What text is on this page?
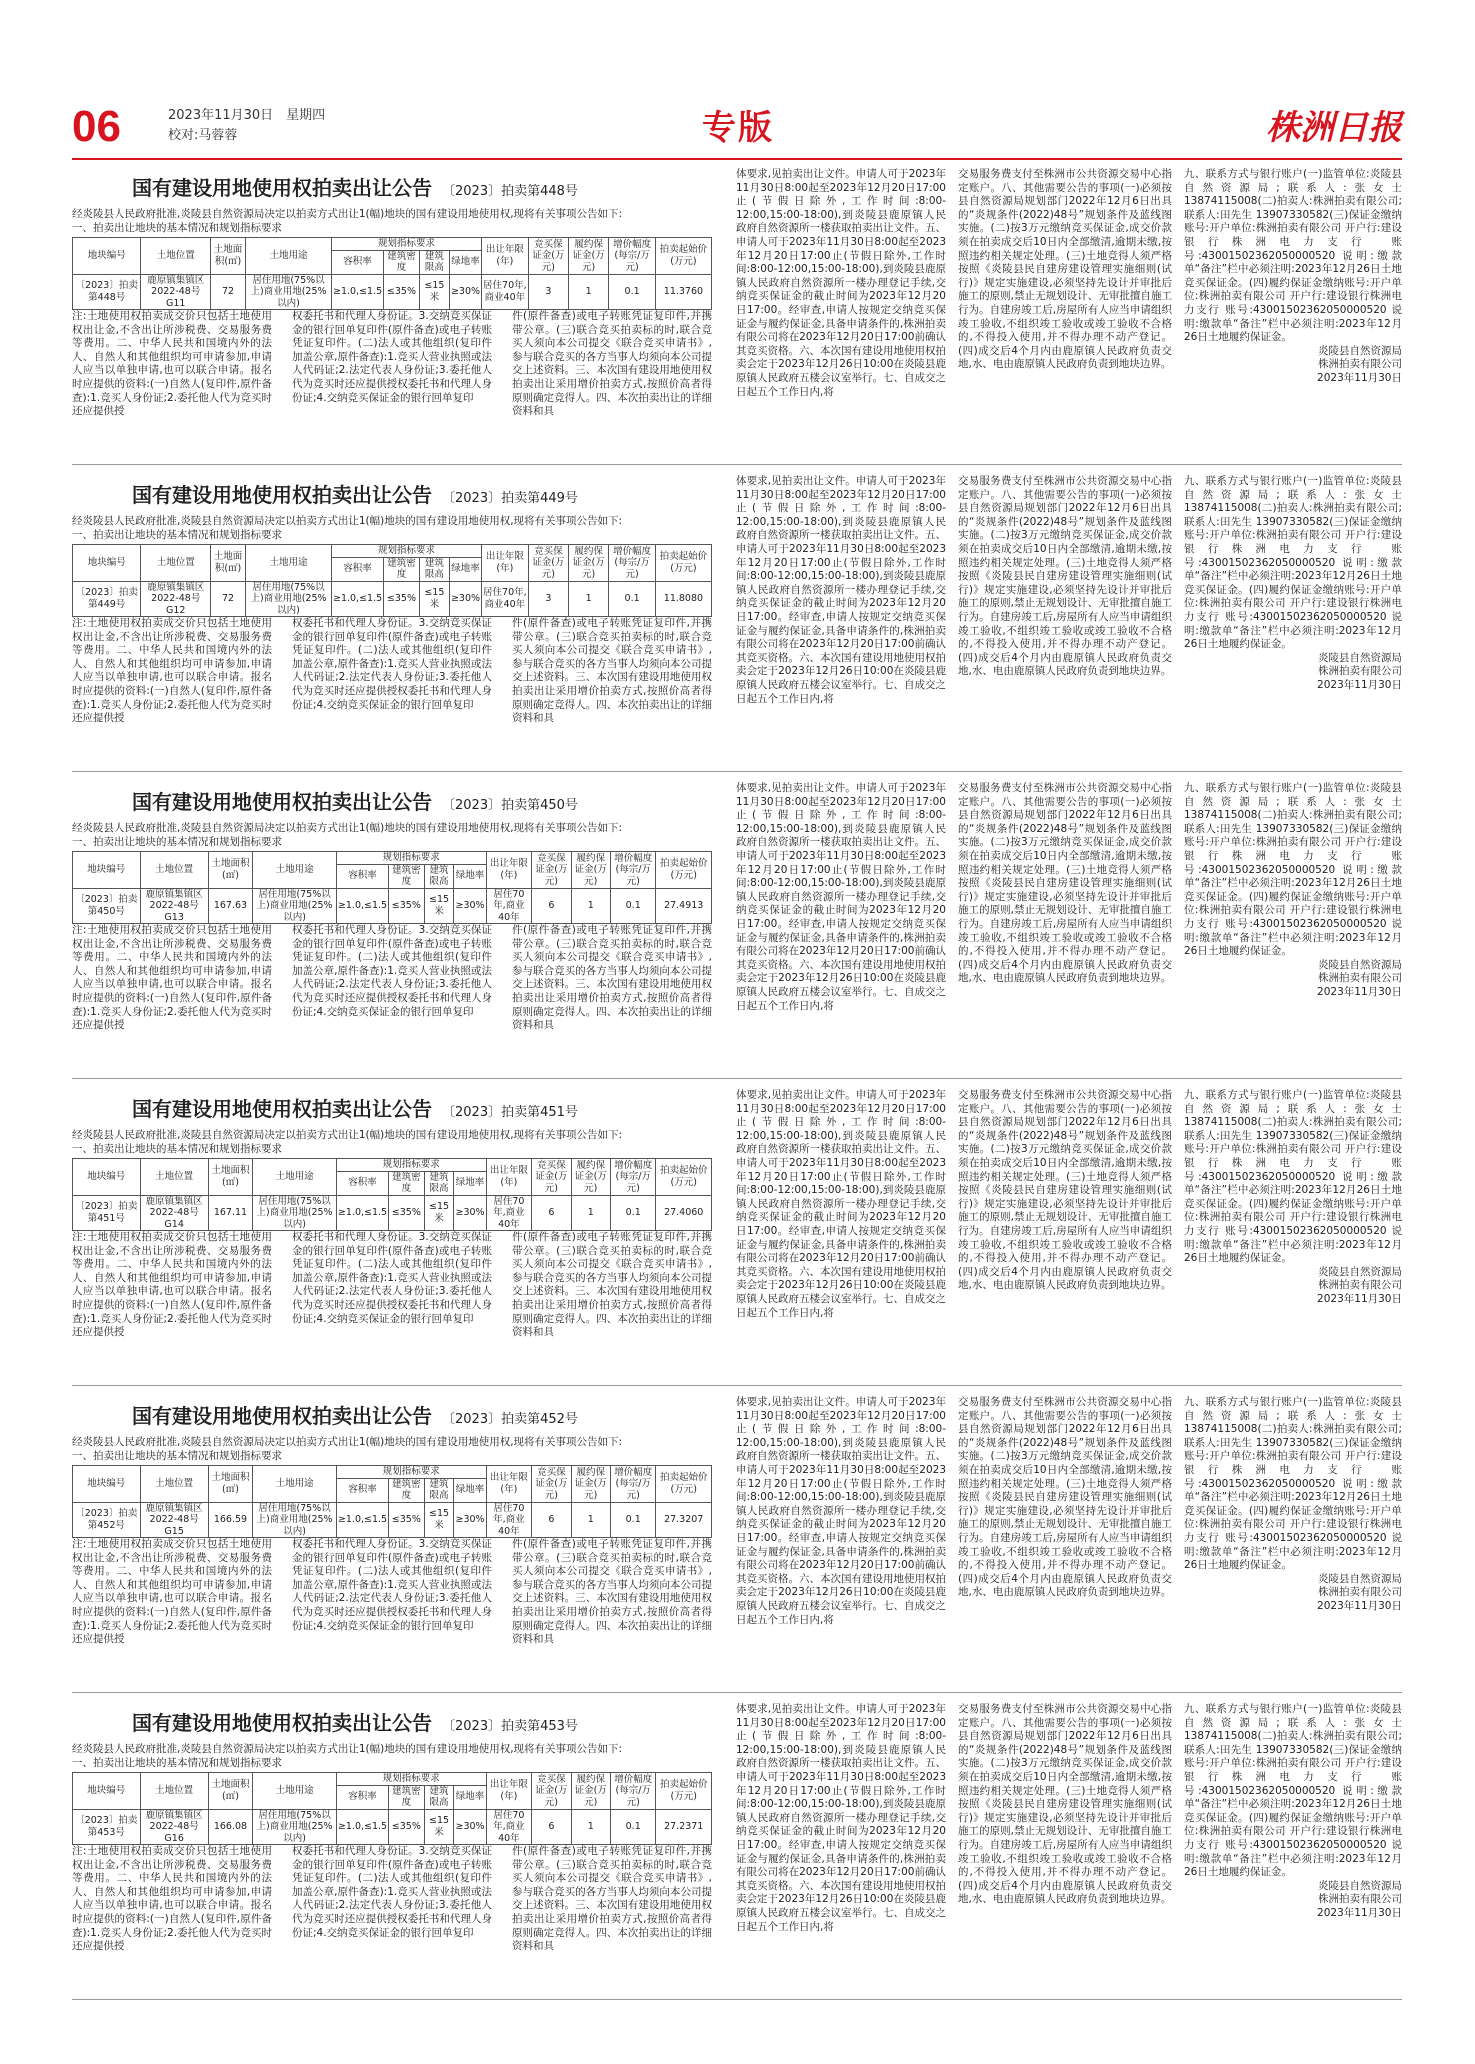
06	2023年11月30日　星期四
校对:马蓉蓉	专版	株洲日报
国有建设用地使用权拍卖出让公告 〔2023〕拍卖第448号

经炎陵县人民政府批准,炎陵县自然资源局决定以拍卖方式出让1(幅)地块的国有建设用地使用权,现将有关事项公告如下:

一、拍卖出让地块的基本情况和规划指标要求

地块编号	土地位置	土地面积(㎡)	土地用途	规划指标要求				出让年限(年)	竞买保证金(万元)	履约保证金(万元)	增价幅度(每宗/万元)	拍卖起始价(万元)
				容积率	建筑密度	建筑限高	绿地率					
〔2023〕拍卖第448号	鹿原镇集镇区2022-48号G11	72	居住用地(75%以上)商业用地(25%以内)	≥1.0,≤1.5	≤35%	≤15米	≥30%	居住70年,商业40年	3	1	0.1	11.3760
注:土地使用权拍卖成交价只包括土地使用权出让金,不含出让所涉税费、交易服务费等费用。二、中华人民共和国境内外的法人、自然人和其他组织均可申请参加,申请人应当以单独申请,也可以联合申请。报名时应提供的资料:(一)自然人(复印件,原件备查):1.竞买人身份证;2.委托他人代为竞买时还应提供授
权委托书和代理人身份证。3.交纳竞买保证金的银行回单复印件(原件备查)或电子转账凭证复印件。(二)法人或其他组织(复印件加盖公章,原件备查):1.竞买人营业执照或法人代码证;2.法定代表人身份证;3.委托他人代为竞买时还应提供授权委托书和代理人身份证;4.交纳竞买保证金的银行回单复印
件(原件备查)或电子转账凭证复印件,并携带公章。(三)联合竞买拍卖标的时,联合竞买人须向本公司提交《联合竞买申请书》,参与联合竞买的各方当事人均须向本公司提交上述资料。三、本次国有建设用地使用权拍卖出让采用增价拍卖方式,按照价高者得原则确定竞得人。四、本次拍卖出让的详细资料和具
体要求,见拍卖出让文件。申请人可于2023年11月30日8:00起至2023年12月20日17:00止(节假日除外,工作时间:8:00-12:00,15:00-18:00),到炎陵县鹿原镇人民政府自然资源所一楼获取拍卖出让文件。五、申请人可于2023年11月30日8:00起至2023年12月20日17:00止(节假日除外,工作时间:8:00-12:00,15:00-18:00),到炎陵县鹿原镇人民政府自然资源所一楼办理登记手续,交纳竞买保证金的截止时间为2023年12月20日17:00。经审查,申请人按规定交纳竞买保证金与履约保证金,具备申请条件的,株洲拍卖有限公司将在2023年12月20日17:00前确认其竞买资格。六、本次国有建设用地使用权拍卖会定于2023年12月26日10:00在炎陵县鹿原镇人民政府五楼会议室举行。七、自成交之日起五个工作日内,将
交易服务费支付至株洲市公共资源交易中心指定账户。八、其他需要公告的事项(一)必须按县自然资源局规划部门2022年12月6日出具的“炎规条件(2022)48号”规划条件及蓝线图实施。(二)按3万元缴纳竞买保证金,成交价款须在拍卖成交后10日内全部缴清,逾期未缴,按照违约相关规定处理。(三)土地竞得人须严格按照《炎陵县民自建房建设管理实施细则(试行)》规定实施建设,必须坚持先设计并审批后施工的原则,禁止无规划设计、无审批擅自施工行为。自建房竣工后,房屋所有人应当申请组织竣工验收,不组织竣工验收或竣工验收不合格的,不得投入使用,并不得办理不动产登记。(四)成交后4个月内由鹿原镇人民政府负责交地,水、电由鹿原镇人民政府负责到地块边界。

九、联系方式与银行账户(一)监管单位:炎陵县自然资源局;联系人:张女士 13874115008(二)拍卖人:株洲拍卖有限公司;联系人:田先生 13907330582(三)保证金缴纳账号:开户单位:株洲拍卖有限公司 开户行:建设银行株洲电力支行 账号:43001502362050000520 说明:缴款单“备注”栏中必须注明:2023年12月26日土地竞买保证金。(四)履约保证金缴纳账号:开户单位:株洲拍卖有限公司 开户行:建设银行株洲电力支行 账号:43001502362050000520 说明:缴款单“备注”栏中必须注明:2023年12月26日土地履约保证金。

炎陵县自然资源局

株洲拍卖有限公司

2023年11月30日

国有建设用地使用权拍卖出让公告 〔2023〕拍卖第449号

经炎陵县人民政府批准,炎陵县自然资源局决定以拍卖方式出让1(幅)地块的国有建设用地使用权,现将有关事项公告如下:

一、拍卖出让地块的基本情况和规划指标要求

地块编号	土地位置	土地面积(㎡)	土地用途	规划指标要求				出让年限(年)	竞买保证金(万元)	履约保证金(万元)	增价幅度(每宗/万元)	拍卖起始价(万元)
				容积率	建筑密度	建筑限高	绿地率					
〔2023〕拍卖第449号	鹿原镇集镇区2022-48号G12	72	居住用地(75%以上)商业用地(25%以内)	≥1.0,≤1.5	≤35%	≤15米	≥30%	居住70年,商业40年	3	1	0.1	11.8080
注:土地使用权拍卖成交价只包括土地使用权出让金,不含出让所涉税费、交易服务费等费用。二、中华人民共和国境内外的法人、自然人和其他组织均可申请参加,申请人应当以单独申请,也可以联合申请。报名时应提供的资料:(一)自然人(复印件,原件备查):1.竞买人身份证;2.委托他人代为竞买时还应提供授
权委托书和代理人身份证。3.交纳竞买保证金的银行回单复印件(原件备查)或电子转账凭证复印件。(二)法人或其他组织(复印件加盖公章,原件备查):1.竞买人营业执照或法人代码证;2.法定代表人身份证;3.委托他人代为竞买时还应提供授权委托书和代理人身份证;4.交纳竞买保证金的银行回单复印
件(原件备查)或电子转账凭证复印件,并携带公章。(三)联合竞买拍卖标的时,联合竞买人须向本公司提交《联合竞买申请书》,参与联合竞买的各方当事人均须向本公司提交上述资料。三、本次国有建设用地使用权拍卖出让采用增价拍卖方式,按照价高者得原则确定竞得人。四、本次拍卖出让的详细资料和具
体要求,见拍卖出让文件。申请人可于2023年11月30日8:00起至2023年12月20日17:00止(节假日除外,工作时间:8:00-12:00,15:00-18:00),到炎陵县鹿原镇人民政府自然资源所一楼获取拍卖出让文件。五、申请人可于2023年11月30日8:00起至2023年12月20日17:00止(节假日除外,工作时间:8:00-12:00,15:00-18:00),到炎陵县鹿原镇人民政府自然资源所一楼办理登记手续,交纳竞买保证金的截止时间为2023年12月20日17:00。经审查,申请人按规定交纳竞买保证金与履约保证金,具备申请条件的,株洲拍卖有限公司将在2023年12月20日17:00前确认其竞买资格。六、本次国有建设用地使用权拍卖会定于2023年12月26日10:00在炎陵县鹿原镇人民政府五楼会议室举行。七、自成交之日起五个工作日内,将
交易服务费支付至株洲市公共资源交易中心指定账户。八、其他需要公告的事项(一)必须按县自然资源局规划部门2022年12月6日出具的“炎规条件(2022)48号”规划条件及蓝线图实施。(二)按3万元缴纳竞买保证金,成交价款须在拍卖成交后10日内全部缴清,逾期未缴,按照违约相关规定处理。(三)土地竞得人须严格按照《炎陵县民自建房建设管理实施细则(试行)》规定实施建设,必须坚持先设计并审批后施工的原则,禁止无规划设计、无审批擅自施工行为。自建房竣工后,房屋所有人应当申请组织竣工验收,不组织竣工验收或竣工验收不合格的,不得投入使用,并不得办理不动产登记。(四)成交后4个月内由鹿原镇人民政府负责交地,水、电由鹿原镇人民政府负责到地块边界。

九、联系方式与银行账户(一)监管单位:炎陵县自然资源局;联系人:张女士 13874115008(二)拍卖人:株洲拍卖有限公司;联系人:田先生 13907330582(三)保证金缴纳账号:开户单位:株洲拍卖有限公司 开户行:建设银行株洲电力支行 账号:43001502362050000520 说明:缴款单“备注”栏中必须注明:2023年12月26日土地竞买保证金。(四)履约保证金缴纳账号:开户单位:株洲拍卖有限公司 开户行:建设银行株洲电力支行 账号:43001502362050000520 说明:缴款单“备注”栏中必须注明:2023年12月26日土地履约保证金。

炎陵县自然资源局

株洲拍卖有限公司

2023年11月30日

国有建设用地使用权拍卖出让公告 〔2023〕拍卖第450号

经炎陵县人民政府批准,炎陵县自然资源局决定以拍卖方式出让1(幅)地块的国有建设用地使用权,现将有关事项公告如下:

一、拍卖出让地块的基本情况和规划指标要求

地块编号	土地位置	土地面积(㎡)	土地用途	规划指标要求				出让年限(年)	竞买保证金(万元)	履约保证金(万元)	增价幅度(每宗/万元)	拍卖起始价(万元)
				容积率	建筑密度	建筑限高	绿地率					
〔2023〕拍卖第450号	鹿原镇集镇区2022-48号G13	167.63	居住用地(75%以上)商业用地(25%以内)	≥1.0,≤1.5	≤35%	≤15米	≥30%	居住70年,商业40年	6	1	0.1	27.4913
注:土地使用权拍卖成交价只包括土地使用权出让金,不含出让所涉税费、交易服务费等费用。二、中华人民共和国境内外的法人、自然人和其他组织均可申请参加,申请人应当以单独申请,也可以联合申请。报名时应提供的资料:(一)自然人(复印件,原件备查):1.竞买人身份证;2.委托他人代为竞买时还应提供授
权委托书和代理人身份证。3.交纳竞买保证金的银行回单复印件(原件备查)或电子转账凭证复印件。(二)法人或其他组织(复印件加盖公章,原件备查):1.竞买人营业执照或法人代码证;2.法定代表人身份证;3.委托他人代为竞买时还应提供授权委托书和代理人身份证;4.交纳竞买保证金的银行回单复印
件(原件备查)或电子转账凭证复印件,并携带公章。(三)联合竞买拍卖标的时,联合竞买人须向本公司提交《联合竞买申请书》,参与联合竞买的各方当事人均须向本公司提交上述资料。三、本次国有建设用地使用权拍卖出让采用增价拍卖方式,按照价高者得原则确定竞得人。四、本次拍卖出让的详细资料和具
体要求,见拍卖出让文件。申请人可于2023年11月30日8:00起至2023年12月20日17:00止(节假日除外,工作时间:8:00-12:00,15:00-18:00),到炎陵县鹿原镇人民政府自然资源所一楼获取拍卖出让文件。五、申请人可于2023年11月30日8:00起至2023年12月20日17:00止(节假日除外,工作时间:8:00-12:00,15:00-18:00),到炎陵县鹿原镇人民政府自然资源所一楼办理登记手续,交纳竞买保证金的截止时间为2023年12月20日17:00。经审查,申请人按规定交纳竞买保证金与履约保证金,具备申请条件的,株洲拍卖有限公司将在2023年12月20日17:00前确认其竞买资格。六、本次国有建设用地使用权拍卖会定于2023年12月26日10:00在炎陵县鹿原镇人民政府五楼会议室举行。七、自成交之日起五个工作日内,将
交易服务费支付至株洲市公共资源交易中心指定账户。八、其他需要公告的事项(一)必须按县自然资源局规划部门2022年12月6日出具的“炎规条件(2022)48号”规划条件及蓝线图实施。(二)按3万元缴纳竞买保证金,成交价款须在拍卖成交后10日内全部缴清,逾期未缴,按照违约相关规定处理。(三)土地竞得人须严格按照《炎陵县民自建房建设管理实施细则(试行)》规定实施建设,必须坚持先设计并审批后施工的原则,禁止无规划设计、无审批擅自施工行为。自建房竣工后,房屋所有人应当申请组织竣工验收,不组织竣工验收或竣工验收不合格的,不得投入使用,并不得办理不动产登记。(四)成交后4个月内由鹿原镇人民政府负责交地,水、电由鹿原镇人民政府负责到地块边界。

九、联系方式与银行账户(一)监管单位:炎陵县自然资源局;联系人:张女士 13874115008(二)拍卖人:株洲拍卖有限公司;联系人:田先生 13907330582(三)保证金缴纳账号:开户单位:株洲拍卖有限公司 开户行:建设银行株洲电力支行 账号:43001502362050000520 说明:缴款单“备注”栏中必须注明:2023年12月26日土地竞买保证金。(四)履约保证金缴纳账号:开户单位:株洲拍卖有限公司 开户行:建设银行株洲电力支行 账号:43001502362050000520 说明:缴款单“备注”栏中必须注明:2023年12月26日土地履约保证金。

炎陵县自然资源局

株洲拍卖有限公司

2023年11月30日

国有建设用地使用权拍卖出让公告 〔2023〕拍卖第451号

经炎陵县人民政府批准,炎陵县自然资源局决定以拍卖方式出让1(幅)地块的国有建设用地使用权,现将有关事项公告如下:

一、拍卖出让地块的基本情况和规划指标要求

地块编号	土地位置	土地面积(㎡)	土地用途	规划指标要求				出让年限(年)	竞买保证金(万元)	履约保证金(万元)	增价幅度(每宗/万元)	拍卖起始价(万元)
				容积率	建筑密度	建筑限高	绿地率					
〔2023〕拍卖第451号	鹿原镇集镇区2022-48号G14	167.11	居住用地(75%以上)商业用地(25%以内)	≥1.0,≤1.5	≤35%	≤15米	≥30%	居住70年,商业40年	6	1	0.1	27.4060
注:土地使用权拍卖成交价只包括土地使用权出让金,不含出让所涉税费、交易服务费等费用。二、中华人民共和国境内外的法人、自然人和其他组织均可申请参加,申请人应当以单独申请,也可以联合申请。报名时应提供的资料:(一)自然人(复印件,原件备查):1.竞买人身份证;2.委托他人代为竞买时还应提供授
权委托书和代理人身份证。3.交纳竞买保证金的银行回单复印件(原件备查)或电子转账凭证复印件。(二)法人或其他组织(复印件加盖公章,原件备查):1.竞买人营业执照或法人代码证;2.法定代表人身份证;3.委托他人代为竞买时还应提供授权委托书和代理人身份证;4.交纳竞买保证金的银行回单复印
件(原件备查)或电子转账凭证复印件,并携带公章。(三)联合竞买拍卖标的时,联合竞买人须向本公司提交《联合竞买申请书》,参与联合竞买的各方当事人均须向本公司提交上述资料。三、本次国有建设用地使用权拍卖出让采用增价拍卖方式,按照价高者得原则确定竞得人。四、本次拍卖出让的详细资料和具
体要求,见拍卖出让文件。申请人可于2023年11月30日8:00起至2023年12月20日17:00止(节假日除外,工作时间:8:00-12:00,15:00-18:00),到炎陵县鹿原镇人民政府自然资源所一楼获取拍卖出让文件。五、申请人可于2023年11月30日8:00起至2023年12月20日17:00止(节假日除外,工作时间:8:00-12:00,15:00-18:00),到炎陵县鹿原镇人民政府自然资源所一楼办理登记手续,交纳竞买保证金的截止时间为2023年12月20日17:00。经审查,申请人按规定交纳竞买保证金与履约保证金,具备申请条件的,株洲拍卖有限公司将在2023年12月20日17:00前确认其竞买资格。六、本次国有建设用地使用权拍卖会定于2023年12月26日10:00在炎陵县鹿原镇人民政府五楼会议室举行。七、自成交之日起五个工作日内,将
交易服务费支付至株洲市公共资源交易中心指定账户。八、其他需要公告的事项(一)必须按县自然资源局规划部门2022年12月6日出具的“炎规条件(2022)48号”规划条件及蓝线图实施。(二)按3万元缴纳竞买保证金,成交价款须在拍卖成交后10日内全部缴清,逾期未缴,按照违约相关规定处理。(三)土地竞得人须严格按照《炎陵县民自建房建设管理实施细则(试行)》规定实施建设,必须坚持先设计并审批后施工的原则,禁止无规划设计、无审批擅自施工行为。自建房竣工后,房屋所有人应当申请组织竣工验收,不组织竣工验收或竣工验收不合格的,不得投入使用,并不得办理不动产登记。(四)成交后4个月内由鹿原镇人民政府负责交地,水、电由鹿原镇人民政府负责到地块边界。

九、联系方式与银行账户(一)监管单位:炎陵县自然资源局;联系人:张女士 13874115008(二)拍卖人:株洲拍卖有限公司;联系人:田先生 13907330582(三)保证金缴纳账号:开户单位:株洲拍卖有限公司 开户行:建设银行株洲电力支行 账号:43001502362050000520 说明:缴款单“备注”栏中必须注明:2023年12月26日土地竞买保证金。(四)履约保证金缴纳账号:开户单位:株洲拍卖有限公司 开户行:建设银行株洲电力支行 账号:43001502362050000520 说明:缴款单“备注”栏中必须注明:2023年12月26日土地履约保证金。

炎陵县自然资源局

株洲拍卖有限公司

2023年11月30日

国有建设用地使用权拍卖出让公告 〔2023〕拍卖第452号

经炎陵县人民政府批准,炎陵县自然资源局决定以拍卖方式出让1(幅)地块的国有建设用地使用权,现将有关事项公告如下:

一、拍卖出让地块的基本情况和规划指标要求

地块编号	土地位置	土地面积(㎡)	土地用途	规划指标要求				出让年限(年)	竞买保证金(万元)	履约保证金(万元)	增价幅度(每宗/万元)	拍卖起始价(万元)
				容积率	建筑密度	建筑限高	绿地率					
〔2023〕拍卖第452号	鹿原镇集镇区2022-48号G15	166.59	居住用地(75%以上)商业用地(25%以内)	≥1.0,≤1.5	≤35%	≤15米	≥30%	居住70年,商业40年	6	1	0.1	27.3207
注:土地使用权拍卖成交价只包括土地使用权出让金,不含出让所涉税费、交易服务费等费用。二、中华人民共和国境内外的法人、自然人和其他组织均可申请参加,申请人应当以单独申请,也可以联合申请。报名时应提供的资料:(一)自然人(复印件,原件备查):1.竞买人身份证;2.委托他人代为竞买时还应提供授
权委托书和代理人身份证。3.交纳竞买保证金的银行回单复印件(原件备查)或电子转账凭证复印件。(二)法人或其他组织(复印件加盖公章,原件备查):1.竞买人营业执照或法人代码证;2.法定代表人身份证;3.委托他人代为竞买时还应提供授权委托书和代理人身份证;4.交纳竞买保证金的银行回单复印
件(原件备查)或电子转账凭证复印件,并携带公章。(三)联合竞买拍卖标的时,联合竞买人须向本公司提交《联合竞买申请书》,参与联合竞买的各方当事人均须向本公司提交上述资料。三、本次国有建设用地使用权拍卖出让采用增价拍卖方式,按照价高者得原则确定竞得人。四、本次拍卖出让的详细资料和具
体要求,见拍卖出让文件。申请人可于2023年11月30日8:00起至2023年12月20日17:00止(节假日除外,工作时间:8:00-12:00,15:00-18:00),到炎陵县鹿原镇人民政府自然资源所一楼获取拍卖出让文件。五、申请人可于2023年11月30日8:00起至2023年12月20日17:00止(节假日除外,工作时间:8:00-12:00,15:00-18:00),到炎陵县鹿原镇人民政府自然资源所一楼办理登记手续,交纳竞买保证金的截止时间为2023年12月20日17:00。经审查,申请人按规定交纳竞买保证金与履约保证金,具备申请条件的,株洲拍卖有限公司将在2023年12月20日17:00前确认其竞买资格。六、本次国有建设用地使用权拍卖会定于2023年12月26日10:00在炎陵县鹿原镇人民政府五楼会议室举行。七、自成交之日起五个工作日内,将
交易服务费支付至株洲市公共资源交易中心指定账户。八、其他需要公告的事项(一)必须按县自然资源局规划部门2022年12月6日出具的“炎规条件(2022)48号”规划条件及蓝线图实施。(二)按3万元缴纳竞买保证金,成交价款须在拍卖成交后10日内全部缴清,逾期未缴,按照违约相关规定处理。(三)土地竞得人须严格按照《炎陵县民自建房建设管理实施细则(试行)》规定实施建设,必须坚持先设计并审批后施工的原则,禁止无规划设计、无审批擅自施工行为。自建房竣工后,房屋所有人应当申请组织竣工验收,不组织竣工验收或竣工验收不合格的,不得投入使用,并不得办理不动产登记。(四)成交后4个月内由鹿原镇人民政府负责交地,水、电由鹿原镇人民政府负责到地块边界。

九、联系方式与银行账户(一)监管单位:炎陵县自然资源局;联系人:张女士 13874115008(二)拍卖人:株洲拍卖有限公司;联系人:田先生 13907330582(三)保证金缴纳账号:开户单位:株洲拍卖有限公司 开户行:建设银行株洲电力支行 账号:43001502362050000520 说明:缴款单“备注”栏中必须注明:2023年12月26日土地竞买保证金。(四)履约保证金缴纳账号:开户单位:株洲拍卖有限公司 开户行:建设银行株洲电力支行 账号:43001502362050000520 说明:缴款单“备注”栏中必须注明:2023年12月26日土地履约保证金。

炎陵县自然资源局

株洲拍卖有限公司

2023年11月30日

国有建设用地使用权拍卖出让公告 〔2023〕拍卖第453号

经炎陵县人民政府批准,炎陵县自然资源局决定以拍卖方式出让1(幅)地块的国有建设用地使用权,现将有关事项公告如下:

一、拍卖出让地块的基本情况和规划指标要求

地块编号	土地位置	土地面积(㎡)	土地用途	规划指标要求				出让年限(年)	竞买保证金(万元)	履约保证金(万元)	增价幅度(每宗/万元)	拍卖起始价(万元)
				容积率	建筑密度	建筑限高	绿地率					
〔2023〕拍卖第453号	鹿原镇集镇区2022-48号G16	166.08	居住用地(75%以上)商业用地(25%以内)	≥1.0,≤1.5	≤35%	≤15米	≥30%	居住70年,商业40年	6	1	0.1	27.2371
注:土地使用权拍卖成交价只包括土地使用权出让金,不含出让所涉税费、交易服务费等费用。二、中华人民共和国境内外的法人、自然人和其他组织均可申请参加,申请人应当以单独申请,也可以联合申请。报名时应提供的资料:(一)自然人(复印件,原件备查):1.竞买人身份证;2.委托他人代为竞买时还应提供授
权委托书和代理人身份证。3.交纳竞买保证金的银行回单复印件(原件备查)或电子转账凭证复印件。(二)法人或其他组织(复印件加盖公章,原件备查):1.竞买人营业执照或法人代码证;2.法定代表人身份证;3.委托他人代为竞买时还应提供授权委托书和代理人身份证;4.交纳竞买保证金的银行回单复印
件(原件备查)或电子转账凭证复印件,并携带公章。(三)联合竞买拍卖标的时,联合竞买人须向本公司提交《联合竞买申请书》,参与联合竞买的各方当事人均须向本公司提交上述资料。三、本次国有建设用地使用权拍卖出让采用增价拍卖方式,按照价高者得原则确定竞得人。四、本次拍卖出让的详细资料和具
体要求,见拍卖出让文件。申请人可于2023年11月30日8:00起至2023年12月20日17:00止(节假日除外,工作时间:8:00-12:00,15:00-18:00),到炎陵县鹿原镇人民政府自然资源所一楼获取拍卖出让文件。五、申请人可于2023年11月30日8:00起至2023年12月20日17:00止(节假日除外,工作时间:8:00-12:00,15:00-18:00),到炎陵县鹿原镇人民政府自然资源所一楼办理登记手续,交纳竞买保证金的截止时间为2023年12月20日17:00。经审查,申请人按规定交纳竞买保证金与履约保证金,具备申请条件的,株洲拍卖有限公司将在2023年12月20日17:00前确认其竞买资格。六、本次国有建设用地使用权拍卖会定于2023年12月26日10:00在炎陵县鹿原镇人民政府五楼会议室举行。七、自成交之日起五个工作日内,将
交易服务费支付至株洲市公共资源交易中心指定账户。八、其他需要公告的事项(一)必须按县自然资源局规划部门2022年12月6日出具的“炎规条件(2022)48号”规划条件及蓝线图实施。(二)按3万元缴纳竞买保证金,成交价款须在拍卖成交后10日内全部缴清,逾期未缴,按照违约相关规定处理。(三)土地竞得人须严格按照《炎陵县民自建房建设管理实施细则(试行)》规定实施建设,必须坚持先设计并审批后施工的原则,禁止无规划设计、无审批擅自施工行为。自建房竣工后,房屋所有人应当申请组织竣工验收,不组织竣工验收或竣工验收不合格的,不得投入使用,并不得办理不动产登记。(四)成交后4个月内由鹿原镇人民政府负责交地,水、电由鹿原镇人民政府负责到地块边界。

九、联系方式与银行账户(一)监管单位:炎陵县自然资源局;联系人:张女士 13874115008(二)拍卖人:株洲拍卖有限公司;联系人:田先生 13907330582(三)保证金缴纳账号:开户单位:株洲拍卖有限公司 开户行:建设银行株洲电力支行 账号:43001502362050000520 说明:缴款单“备注”栏中必须注明:2023年12月26日土地竞买保证金。(四)履约保证金缴纳账号:开户单位:株洲拍卖有限公司 开户行:建设银行株洲电力支行 账号:43001502362050000520 说明:缴款单“备注”栏中必须注明:2023年12月26日土地履约保证金。

炎陵县自然资源局

株洲拍卖有限公司

2023年11月30日
